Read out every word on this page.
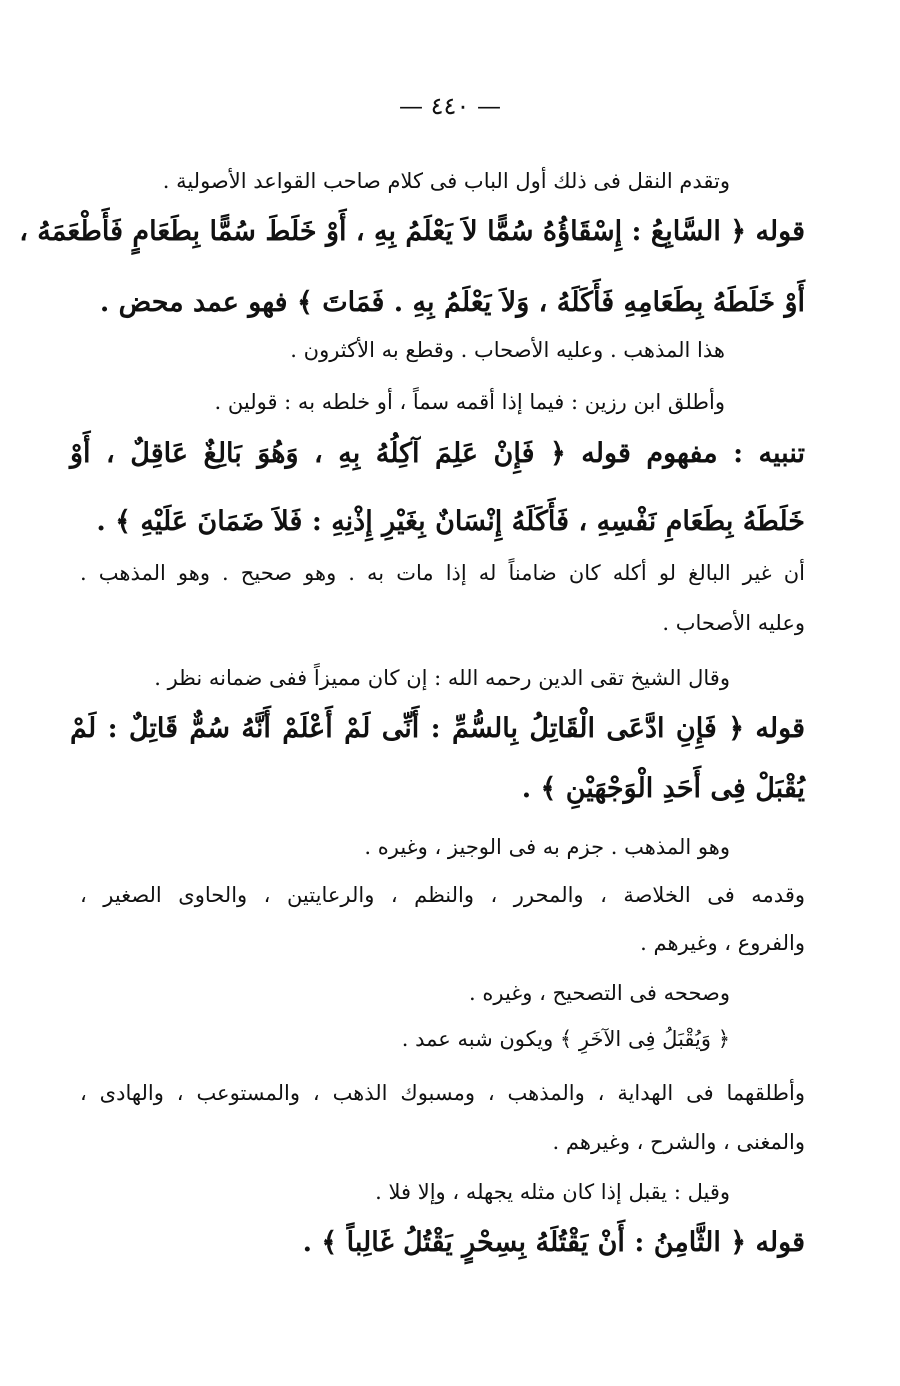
— ٤٤٠ —
وتقدم النقل فى ذلك أول الباب فى كلام صاحب القواعد الأصولية .
قوله ﴿ السَّابِعُ : إِسْقَاؤُهُ سُمًّا لاَ يَعْلَمُ بِهِ ، أَوْ خَلَطَ سُمًّا بِطَعَامٍ فَأَطْعَمَهُ ،
أَوْ خَلَطَهُ بِطَعَامِهِ فَأَكَلَهُ ، وَلاَ يَعْلَمُ بِهِ . فَمَاتَ ﴾ فهو عمد محض .
هذا المذهب . وعليه الأصحاب . وقطع به الأكثرون .
وأطلق ابن رزين : فيما إذا أقمه سماً ، أو خلطه به : قولين .
تنبيه : مفهوم قوله ﴿ فَإِنْ عَلِمَ آكِلُهُ بِهِ ، وَهُوَ بَالِغٌ عَاقِلٌ ، أَوْ
خَلَطَهُ بِطَعَامِ نَفْسِهِ ، فَأَكَلَهُ إِنْسَانٌ بِغَيْرِ إِذْنِهِ : فَلاَ ضَمَانَ عَلَيْهِ ﴾ .
أن غير البالغ لو أكله كان ضامناً له إذا مات به . وهو صحيح . وهو المذهب .
وعليه الأصحاب .
وقال الشيخ تقى الدين رحمه الله : إن كان مميزاً ففى ضمانه نظر .
قوله ﴿ فَإِنِ ادَّعَى الْقَاتِلُ بِالسُّمِّ : أَنِّى لَمْ أَعْلَمْ أَنَّهُ سُمٌّ قَاتِلٌ : لَمْ
يُقْبَلْ فِى أَحَدِ الْوَجْهَيْنِ ﴾ .
وهو المذهب . جزم به فى الوجيز ، وغيره .
وقدمه فى الخلاصة ، والمحرر ، والنظم ، والرعايتين ، والحاوى الصغير ،
والفروع ، وغيرهم .
وصححه فى التصحيح ، وغيره .
﴿ وَيُقْبَلُ فِى الآخَرِ ﴾ ويكون شبه عمد .
وأطلقهما فى الهداية ، والمذهب ، ومسبوك الذهب ، والمستوعب ، والهادى ،
والمغنى ، والشرح ، وغيرهم .
وقيل : يقبل إذا كان مثله يجهله ، وإلا فلا .
قوله ﴿ الثَّامِنُ : أَنْ يَقْتُلَهُ بِسِحْرٍ يَقْتُلُ غَالِباً ﴾ .
